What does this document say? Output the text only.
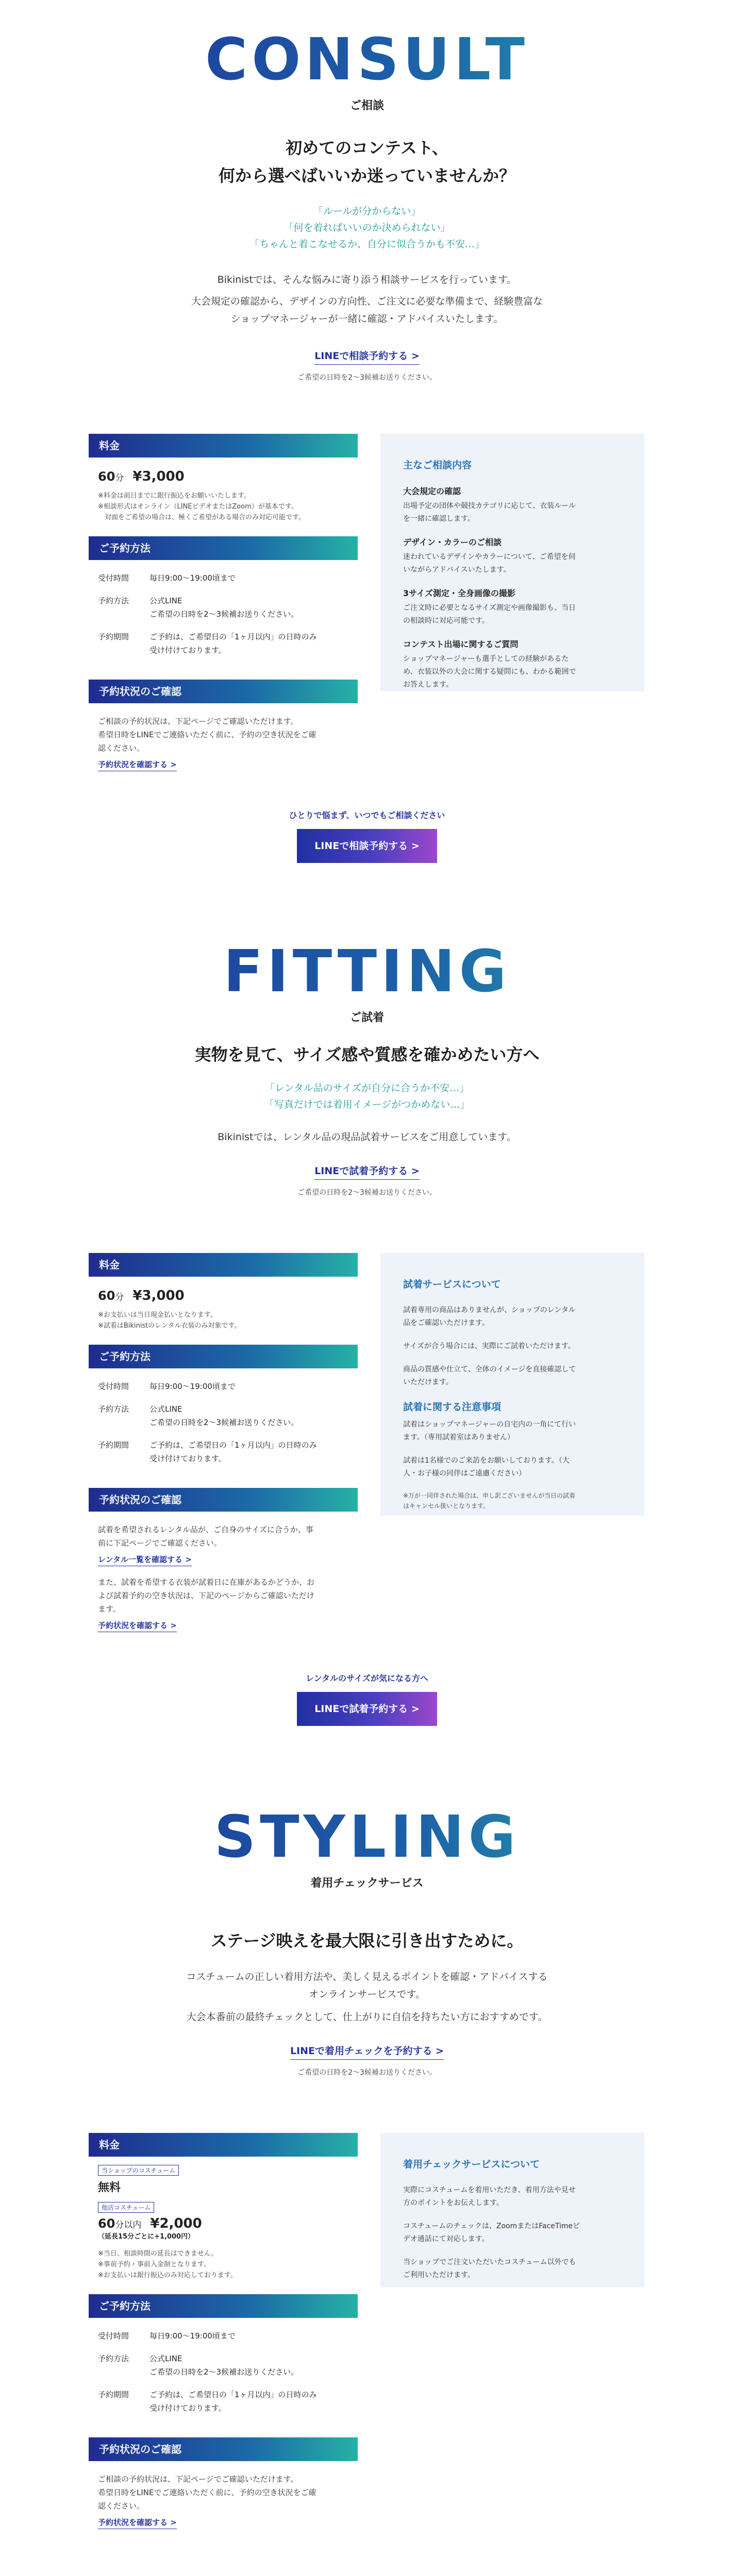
CONSULT
ご相談
初めてのコンテスト、
何から選べばいいか迷っていませんか？
「ルールが分からない」
「何を着ればいいのか決められない」
「ちゃんと着こなせるか、自分に似合うかも不安…」
Bikinistでは、そんな悩みに寄り添う相談サービスを行っています。
大会規定の確認から、デザインの方向性、ご注文に必要な準備まで、経験豊富な
ショップマネージャーが一緒に確認・アドバイスいたします。
LINEで相談予約する >
ご希望の日時を2〜3候補お送りください。
料金
60分　 ¥3,000
※料金は前日までに銀行振込をお願いいたします。
※相談形式はオンライン（LINEビデオまたはZoom）が基本です。
　対面をご希望の場合は、極くご希望がある場合のみ対応可能です。
ご予約方法
受付時間	毎日9:00〜19:00頃まで
予約方法	公式LINE
ご希望の日時を2〜3候補お送りください。
予約期間	ご予約は、ご希望日の「1ヶ月以内」の日時のみ
受け付けております。
予約状況のご確認
ご相談の予約状況は、下記ページでご確認いただけます。
希望日時をLINEでご連絡いただく前に、予約の空き状況をご確
認ください。
予約状況を確認する >
主なご相談内容
大会規定の確認
出場予定の団体や競技カテゴリに応じて、衣装ルール
を一緒に確認します。
デザイン・カラーのご相談
迷われているデザインやカラーについて、ご希望を伺
いながらアドバイスいたします。
3サイズ測定・全身画像の撮影
ご注文時に必要となるサイズ測定や画像撮影も、当日
の相談時に対応可能です。
コンテスト出場に関するご質問
ショップマネージャーも選手としての経験があるた
め、衣装以外の大会に関する疑問にも、わかる範囲で
お答えします。
ひとりで悩まず、いつでもご相談ください
LINEで相談予約する >
FITTING
ご試着
実物を見て、サイズ感や質感を確かめたい方へ
「レンタル品のサイズが自分に合うか不安…」
「写真だけでは着用イメージがつかめない…」
Bikinistでは、レンタル品の現品試着サービスをご用意しています。
LINEで試着予約する >
ご希望の日時を2〜3候補お送りください。
料金
60分　 ¥3,000
※お支払いは当日現金払いとなります。
※試着はBikinistのレンタル衣装のみ対象です。
ご予約方法
受付時間	毎日9:00〜19:00頃まで
予約方法	公式LINE
ご希望の日時を2〜3候補お送りください。
予約期間	ご予約は、ご希望日の「1ヶ月以内」の日時のみ
受け付けております。
予約状況のご確認
試着を希望されるレンタル品が、ご自身のサイズに合うか、事
前に下記ページでご確認ください。
レンタル一覧を確認する >
また、試着を希望する衣装が試着日に在庫があるかどうか、お
よび試着予約の空き状況は、下記のページからご確認いただけ
ます。
予約状況を確認する >
試着サービスについて
試着専用の商品はありませんが、ショップのレンタル
品をご確認いただけます。
サイズが合う場合には、実際にご試着いただけます。
商品の質感や仕立て、全体のイメージを直接確認して
いただけます。
試着に関する注意事項
試着はショップマネージャーの自宅内の一角にて行い
ます。（専用試着室はありません）
試着は1名様でのご来訪をお願いしております。（大
人・お子様の同伴はご遠慮ください）
※万が一同伴された場合は、申し訳ございませんが当日の試着
はキャンセル扱いとなります。
レンタルのサイズが気になる方へ
LINEで試着予約する >
STYLING
着用チェックサービス
ステージ映えを最大限に引き出すために。
コスチュームの正しい着用方法や、美しく見えるポイントを確認・アドバイスする
オンラインサービスです。
大会本番前の最終チェックとして、仕上がりに自信を持ちたい方におすすめです。
LINEで着用チェックを予約する >
ご希望の日時を2〜3候補お送りください。
料金
当ショップのコスチューム
無料
他店コスチューム
60分以内　 ¥2,000
（延長15分ごとに+1,000円）
※当日、相談時間の延長はできません。
※事前予約・事前入金制となります。
※お支払いは銀行振込のみ対応しております。
ご予約方法
受付時間	毎日9:00〜19:00頃まで
予約方法	公式LINE
ご希望の日時を2〜3候補お送りください。
予約期間	ご予約は、ご希望日の「1ヶ月以内」の日時のみ
受け付けております。
予約状況のご確認
ご相談の予約状況は、下記ページでご確認いただけます。
希望日時をLINEでご連絡いただく前に、予約の空き状況をご確
認ください。
予約状況を確認する >
着用チェックサービスについて
実際にコスチュームを着用いただき、着用方法や見せ
方のポイントをお伝えします。
コスチュームのチェックは、ZoomまたはFaceTimeビ
デオ通話にて対応します。
当ショップでご注文いただいたコスチューム以外でも
ご利用いただけます。
